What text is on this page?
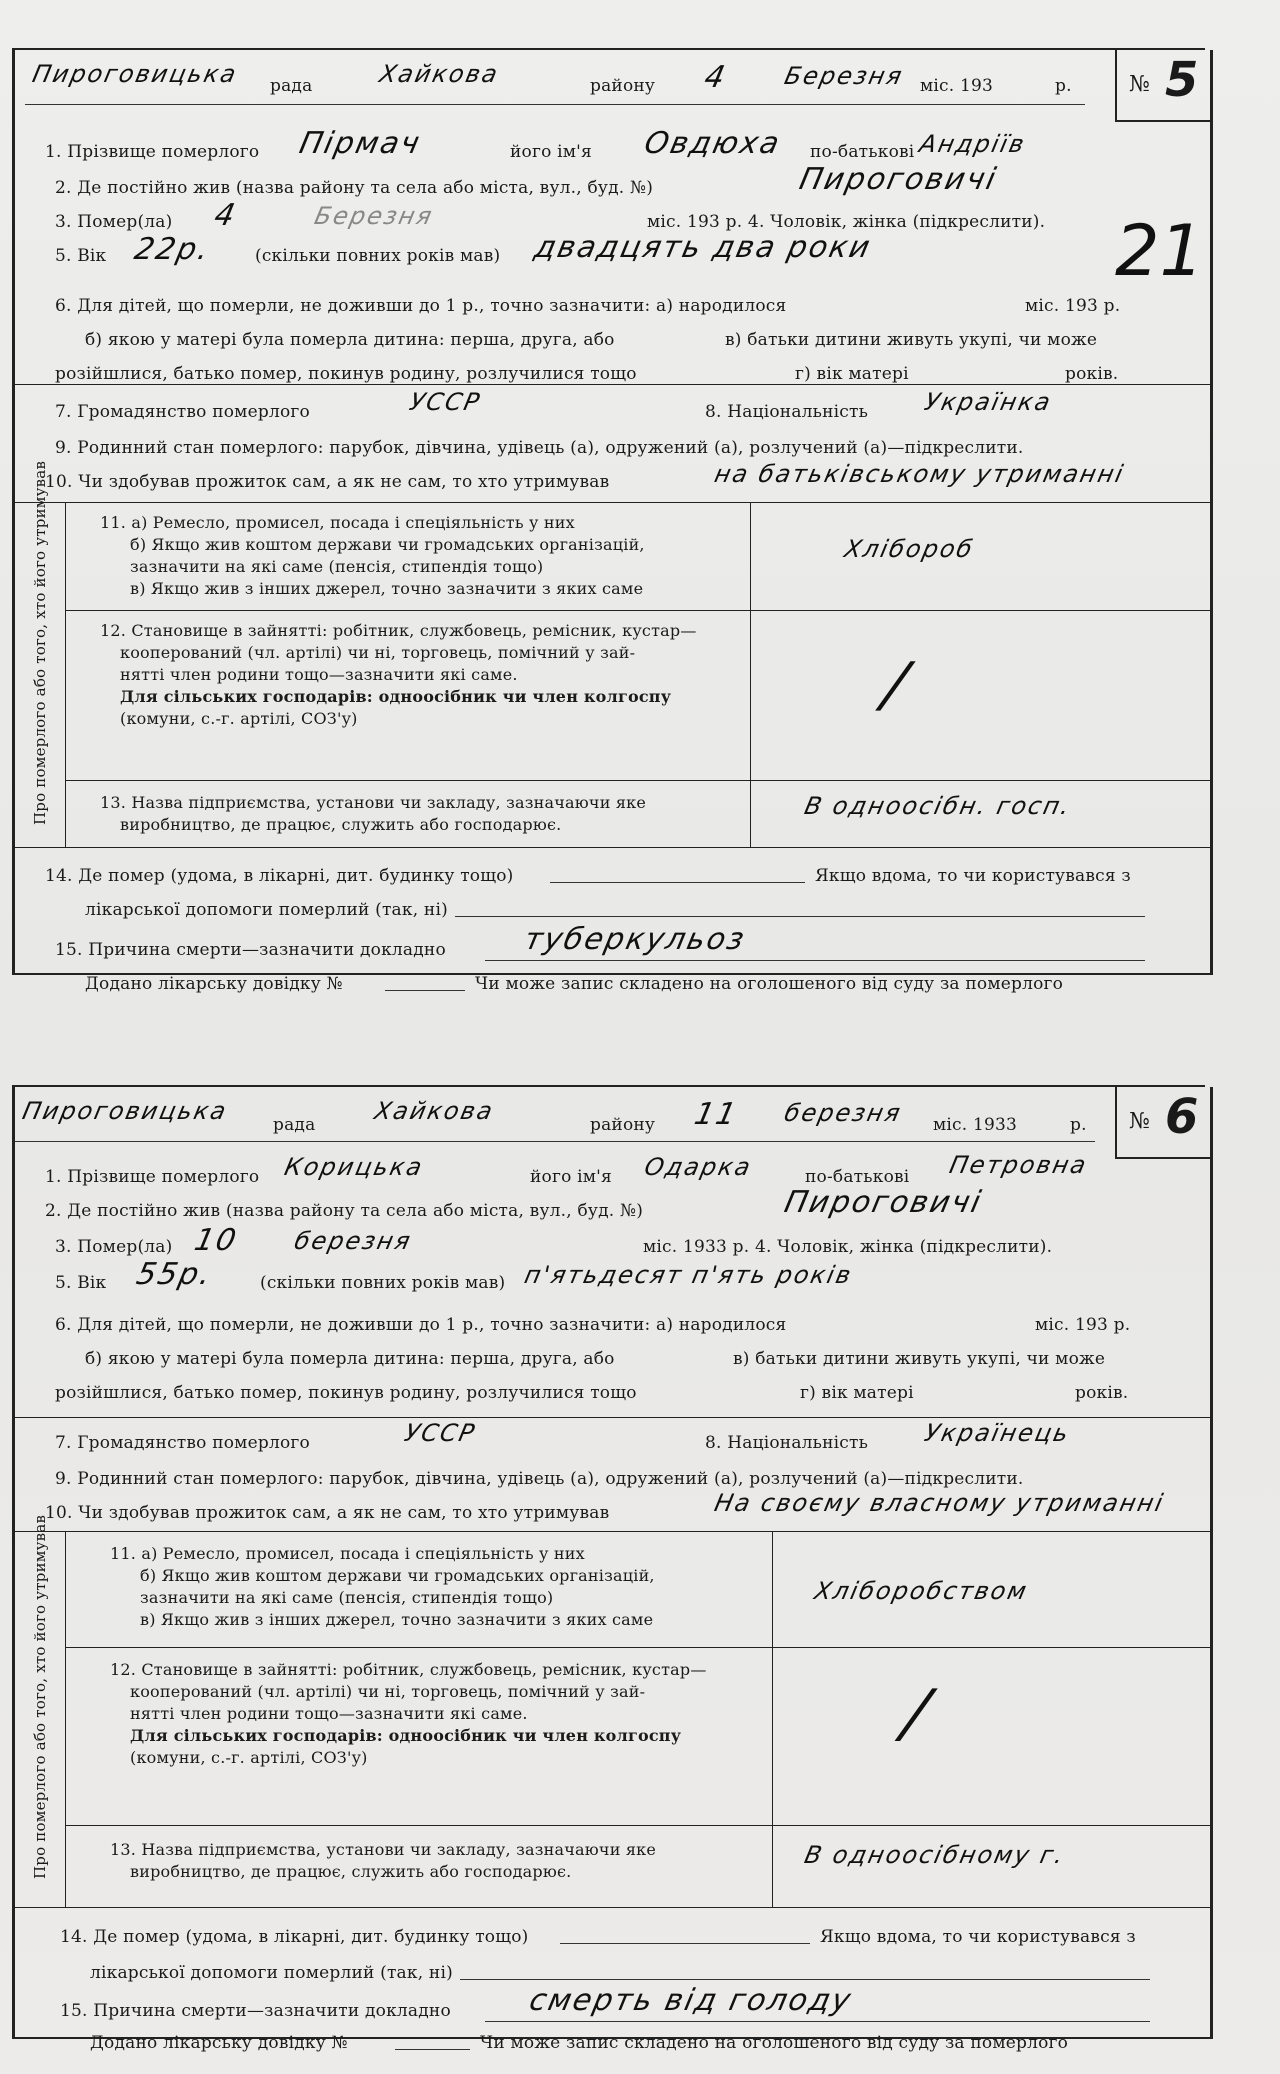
Пироговицька рада	Хайкова	району 4 Березня міс. 193	р.	№ 5
1. Прізвище померлого Пірмач	його ім'я Овдюха по-батькові Андріїв
2. Де постійно жив (назва району та села або міста, вул., буд. №)	Пироговичі
3. Помер(ла) 4	Березня	міс. 193 р. 4. Чоловік, жінка (підкреслити).
5. Вік 22р. (скільки повних років мав) двадцять два роки
6. Для дітей, що померли, не доживши до 1 р., точно зазначити: а) народилося	міс. 193 р.
б) якою у матері була померла дитина: перша, друга, або	в) батьки дитини живуть укупі, чи може
розійшлися, батько помер, покинув родину, розлучилися тощо	г) вік матері	років.
7. Громадянство померлого	УССР	8. Національність Українка
9. Родинний стан померлого: парубок, дівчина, удівець (а), одружений (а), розлучений (а)—підкреслити.
10. Чи здобував прожиток сам, а як не сам, то хто утримував	на батьківському утриманні
Про померлого або того, хто його утримував	11. а) Ремесло, промисел, посада і спеціяльність у них
б) Якщо жив коштом держави чи громадських організацій,
зазначити на які саме (пенсія, стипендія тощо)
в) Якщо жив з інших джерел, точно зазначити з яких саме
Хлібороб
12. Становище в зайнятті: робітник, службовець, ремісник, кустар—
кооперований (чл. артілі) чи ні, торговець, помічний у зай-
нятті член родини тощо—зазначити які саме.
Для сільських господарів: одноосібник чи член колгоспу
(комуни, с.-г. артілі, СОЗ'у)	/
13. Назва підприємства, установи чи закладу, зазначаючи яке
виробництво, де працює, служить або господарює.
В одноосібн. госп.
14. Де помер (удома, в лікарні, дит. будинку тощо)	Якщо вдома, то чи користувався з
лікарської допомоги померлий (так, ні)
15. Причина смерти—зазначити докладно	туберкульоз
Додано лікарську довідку №	Чи може запис складено на оголошеного від суду за померлого
21
Пироговицька	рада Хайкова	району 11 березня міс. 1933	р. № 6
1. Прізвище померлого Корицька	його ім'я Одарка	по-батькові Петровна
2. Де постійно жив (назва району та села або міста, вул., буд. №)	Пироговичі
3. Помер(ла) 10 березня	міс. 1933 р. 4. Чоловік, жінка (підкреслити).
5. Вік 55р.	(скільки повних років мав) п'ятьдесят п'ять років
6. Для дітей, що померли, не доживши до 1 р., точно зазначити: а) народилося	міс. 193 р.
б) якою у матері була померла дитина: перша, друга, або	в) батьки дитини живуть укупі, чи може
розійшлися, батько помер, покинув родину, розлучилися тощо	г) вік матері	років.
7. Громадянство померлого	УССР	8. Національність Українець
9. Родинний стан померлого: парубок, дівчина, удівець (а), одружений (а), розлучений (а)—підкреслити.
10. Чи здобував прожиток сам, а як не сам, то хто утримував	На своєму власному утриманні
Про померлого або того, хто його утримував	11. а) Ремесло, промисел, посада і спеціяльність у них
б) Якщо жив коштом держави чи громадських організацій,
зазначити на які саме (пенсія, стипендія тощо)
в) Якщо жив з інших джерел, точно зазначити з яких саме
Хліборобством
12. Становище в зайнятті: робітник, службовець, ремісник, кустар—
кооперований (чл. артілі) чи ні, торговець, помічний у зай-
нятті член родини тощо—зазначити які саме.
Для сільських господарів: одноосібник чи член колгоспу
(комуни, с.-г. артілі, СОЗ'у)
/
13. Назва підприємства, установи чи закладу, зазначаючи яке
виробництво, де працює, служить або господарює.
В одноосібному г.
14. Де помер (удома, в лікарні, дит. будинку тощо)	Якщо вдома, то чи користувався з
лікарської допомоги померлий (так, ні)
15. Причина смерти—зазначити докладно	смерть від голоду
Додано лікарську довідку №	Чи може запис складено на оголошеного від суду за померлого
